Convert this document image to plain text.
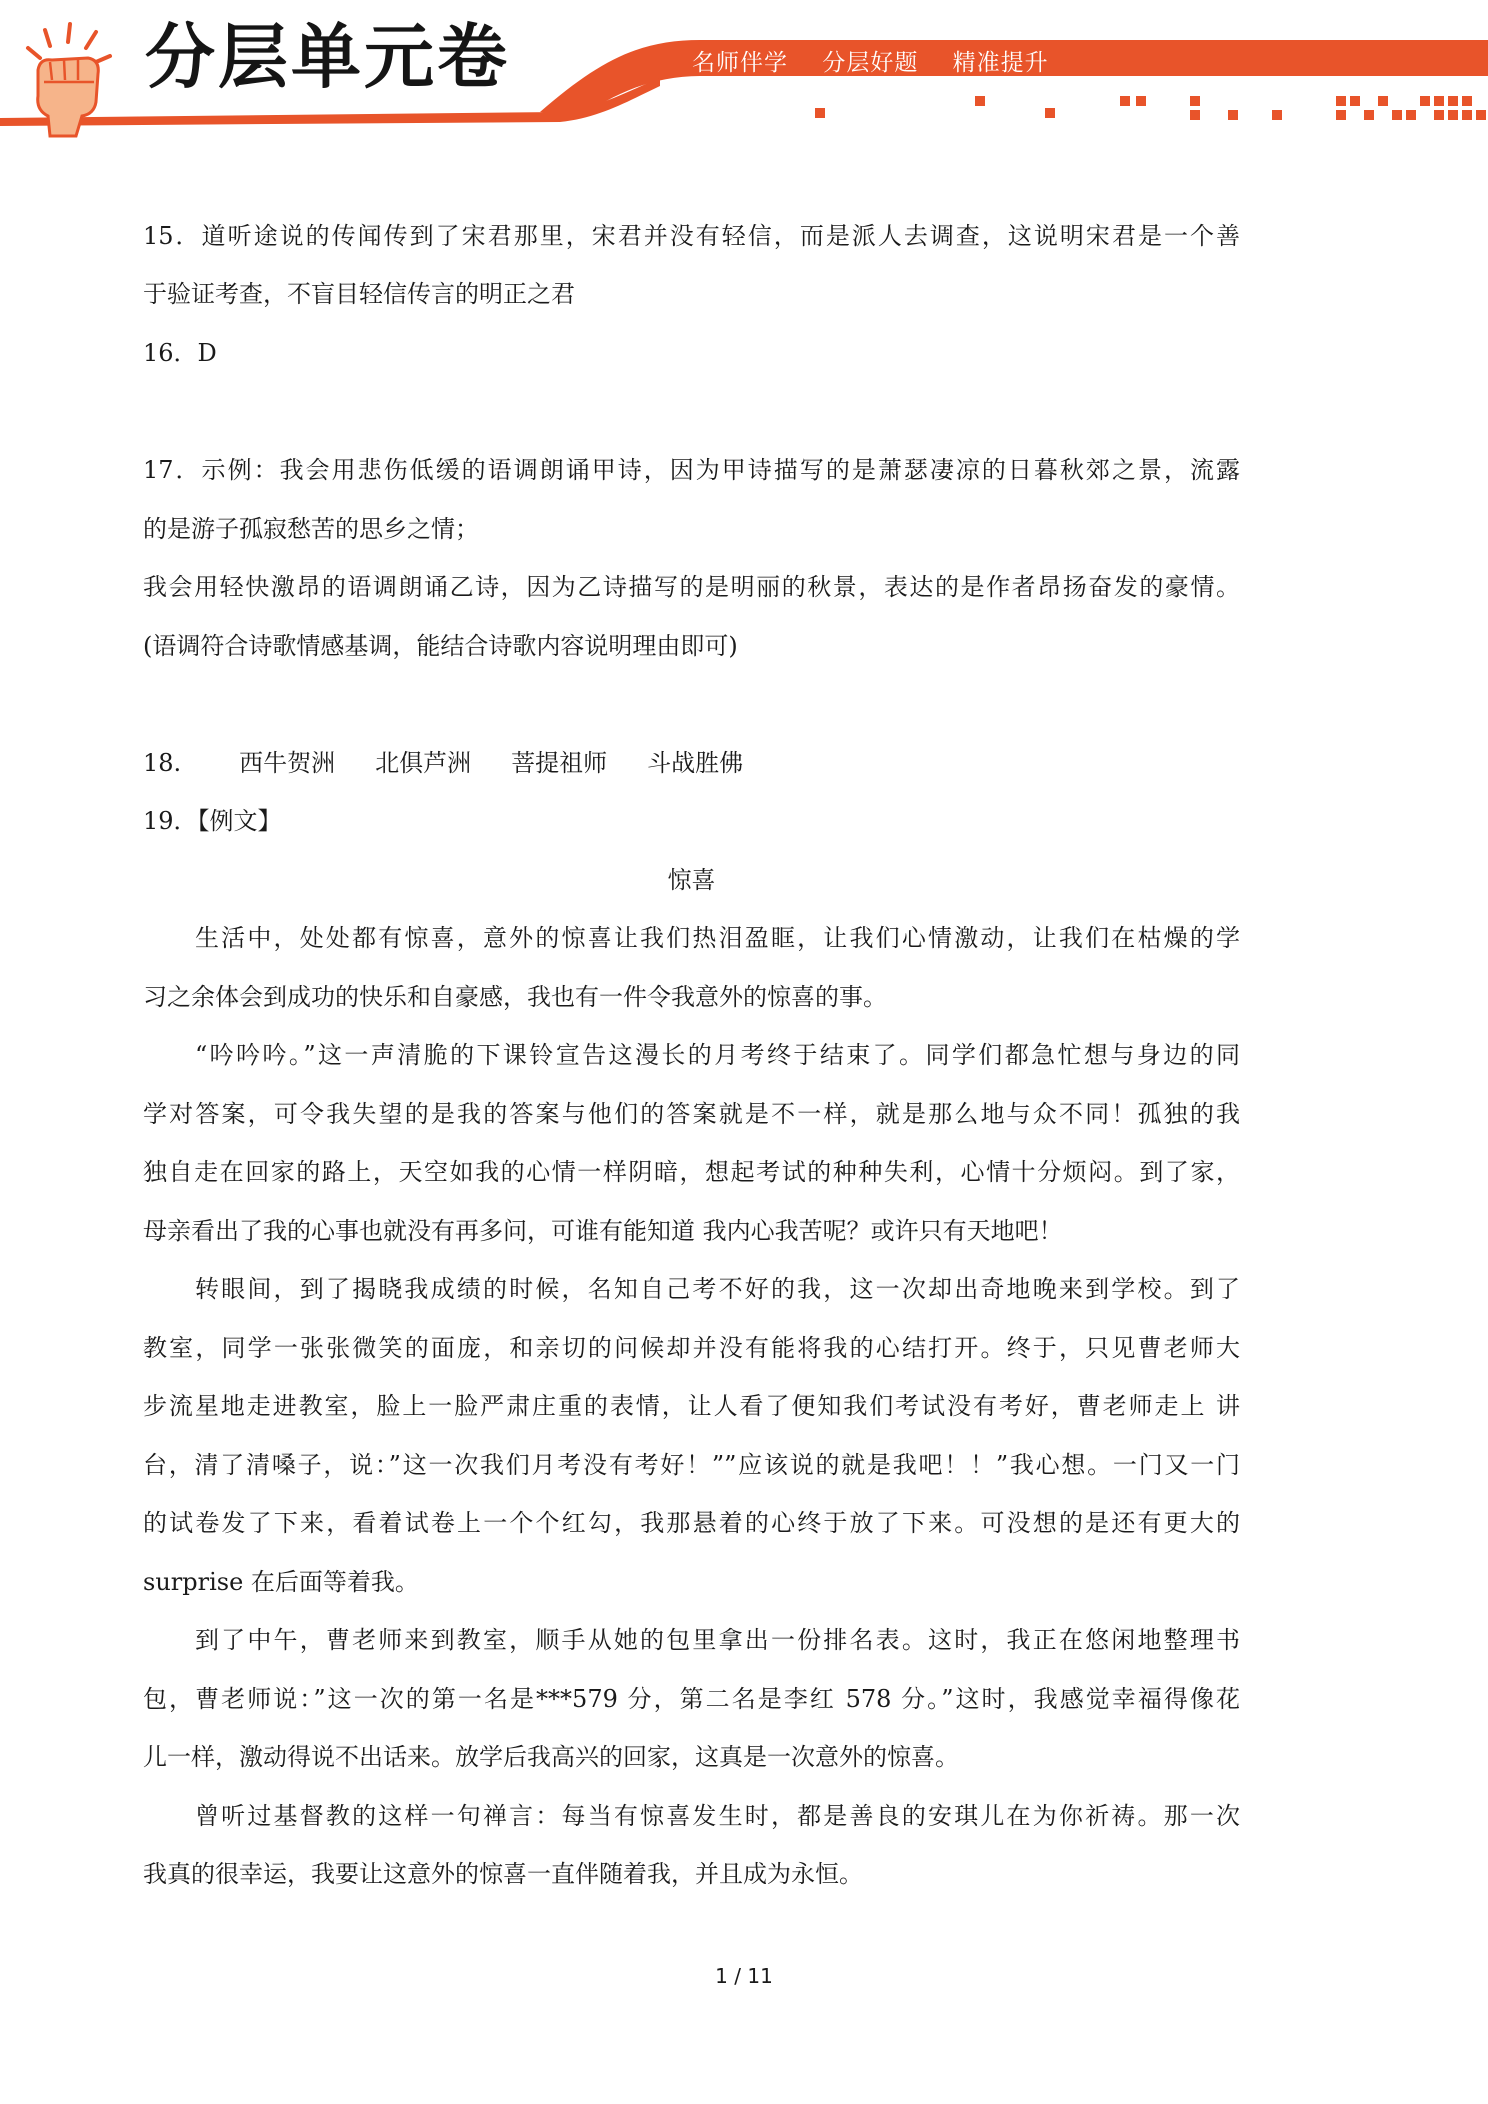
分层单元卷	名师伴学 分层好题 精准提升
15．道听途说的传闻传到了宋君那里，宋君并没有轻信，而是派人去调查，这说明宋君是一个善
于验证考查，不盲目轻信传言的明正之君
16．D
17．示例：我会用悲伤低缓的语调朗诵甲诗，因为甲诗描写的是萧瑟凄凉的日暮秋郊之景，流露
的是游子孤寂愁苦的思乡之情；
我会用轻快激昂的语调朗诵乙诗，因为乙诗描写的是明丽的秋景，表达的是作者昂扬奋发的豪情。
(语调符合诗歌情感基调，能结合诗歌内容说明理由即可)
18. 西牛贺洲 北俱芦洲 菩提祖师 斗战胜佛
19．【例文】
惊喜
生活中，处处都有惊喜，意外的惊喜让我们热泪盈眶，让我们心情激动，让我们在枯燥的学
习之余体会到成功的快乐和自豪感，我也有一件令我意外的惊喜的事。
“吟吟吟。”这一声清脆的下课铃宣告这漫长的月考终于结束了。同学们都急忙想与身边的同
学对答案，可令我失望的是我的答案与他们的答案就是不一样，就是那么地与众不同！孤独的我
独自走在回家的路上，天空如我的心情一样阴暗，想起考试的种种失利，心情十分烦闷。到了家，
母亲看出了我的心事也就没有再多问，可谁有能知道 我内心我苦呢？或许只有天地吧！
转眼间，到了揭晓我成绩的时候，名知自己考不好的我，这一次却出奇地晚来到学校。到了
教室，同学一张张微笑的面庞，和亲切的问候却并没有能将我的心结打开。终于，只见曹老师大
步流星地走进教室，脸上一脸严肃庄重的表情，让人看了便知我们考试没有考好，曹老师走上 讲
台，清了清嗓子，说：”这一次我们月考没有考好！””应该说的就是我吧！！”我心想。一门又一门
的试卷发了下来，看着试卷上一个个红勾，我那悬着的心终于放了下来。可没想的是还有更大的
surprise 在后面等着我。
到了中午，曹老师来到教室，顺手从她的包里拿出一份排名表。这时，我正在悠闲地整理书
包，曹老师说：”这一次的第一名是***579 分，第二名是李红 578 分。”这时，我感觉幸福得像花
儿一样，激动得说不出话来。放学后我高兴的回家，这真是一次意外的惊喜。
曾听过基督教的这样一句禅言：每当有惊喜发生时，都是善良的安琪儿在为你祈祷。那一次
我真的很幸运，我要让这意外的惊喜一直伴随着我，并且成为永恒。
1 / 11
